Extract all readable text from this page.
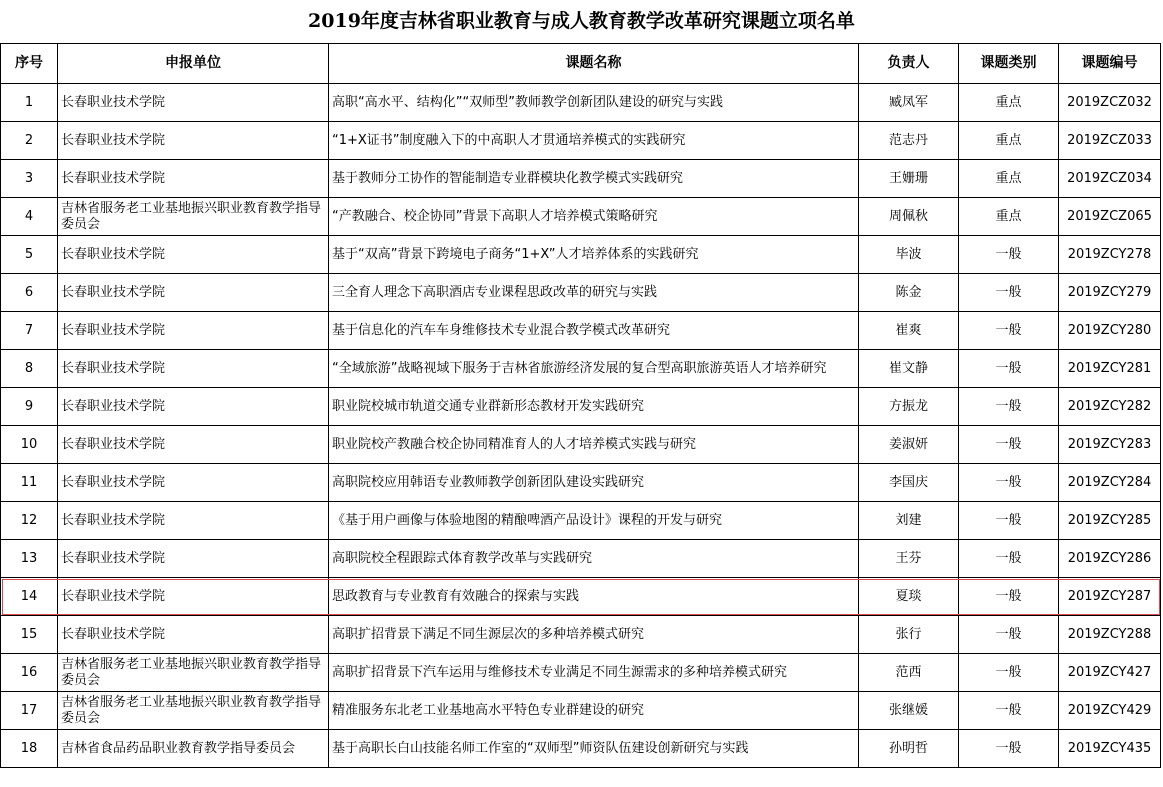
2019年度吉林省职业教育与成人教育教学改革研究课题立项名单
序号	申报单位	课题名称	负责人	课题类别	课题编号
1	长春职业技术学院	高职“高水平、结构化”“双师型”教师教学创新团队建设的研究与实践	臧凤军	重点	2019ZCZ032
2	长春职业技术学院	“1+X证书”制度融入下的中高职人才贯通培养模式的实践研究	范志丹	重点	2019ZCZ033
3	长春职业技术学院	基于教师分工协作的智能制造专业群模块化教学模式实践研究	王姗珊	重点	2019ZCZ034
4	吉林省服务老工业基地振兴职业教育教学指导委员会	“产教融合、校企协同”背景下高职人才培养模式策略研究	周佩秋	重点	2019ZCZ065
5	长春职业技术学院	基于“双高”背景下跨境电子商务“1+X”人才培养体系的实践研究	毕波	一般	2019ZCY278
6	长春职业技术学院	三全育人理念下高职酒店专业课程思政改革的研究与实践	陈金	一般	2019ZCY279
7	长春职业技术学院	基于信息化的汽车车身维修技术专业混合教学模式改革研究	崔爽	一般	2019ZCY280
8	长春职业技术学院	“全域旅游”战略视域下服务于吉林省旅游经济发展的复合型高职旅游英语人才培养研究	崔文静	一般	2019ZCY281
9	长春职业技术学院	职业院校城市轨道交通专业群新形态教材开发实践研究	方振龙	一般	2019ZCY282
10	长春职业技术学院	职业院校产教融合校企协同精准育人的人才培养模式实践与研究	姜淑妍	一般	2019ZCY283
11	长春职业技术学院	高职院校应用韩语专业教师教学创新团队建设实践研究	李国庆	一般	2019ZCY284
12	长春职业技术学院	《基于用户画像与体验地图的精酿啤酒产品设计》课程的开发与研究	刘建	一般	2019ZCY285
13	长春职业技术学院	高职院校全程跟踪式体育教学改革与实践研究	王芬	一般	2019ZCY286
14	长春职业技术学院	思政教育与专业教育有效融合的探索与实践	夏琰	一般	2019ZCY287
15	长春职业技术学院	高职扩招背景下满足不同生源层次的多种培养模式研究	张行	一般	2019ZCY288
16	吉林省服务老工业基地振兴职业教育教学指导委员会	高职扩招背景下汽车运用与维修技术专业满足不同生源需求的多种培养模式研究	范西	一般	2019ZCY427
17	吉林省服务老工业基地振兴职业教育教学指导委员会	精准服务东北老工业基地高水平特色专业群建设的研究	张继媛	一般	2019ZCY429
18	吉林省食品药品职业教育教学指导委员会	基于高职长白山技能名师工作室的“双师型”师资队伍建设创新研究与实践	孙明哲	一般	2019ZCY435
